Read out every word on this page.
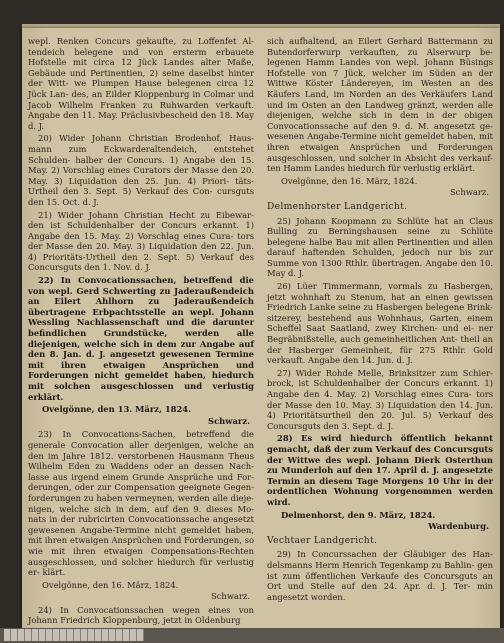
wepl. Renken Concurs gekaufte, zu Loffenfet Al- tendeich belegene und von ersterm erbauete Hofstelle mit circa 12 Jück Landes alter Maße, Gebäude und Pertinentien, 2) seine daselbst hinter der Witt- we Plumpen Hause belegenen circa 12 Jück Lan- des, an Eilder Kloppenburg in Colmar und Jacob Wilhelm Franken zu Ruhwarden verkauft. Angabe den 11. May. Präclusivbescheid den 18. May d. J.

20) Wider Johann Christian Brodenhof, Haus- mann zum Eckwarderaltendeich, entstehet Schulden- halber der Concurs. 1) Angabe den 15. May. 2) Vorschlag eines Curators der Masse den 20. May. 3) Liquidation den 25. Jun. 4) Priori- täts-Urtheil den 3. Sept. 5) Verkauf des Con- cursguts den 15. Oct. d. J.

21) Wider Johann Christian Hecht zu Eibewar- den ist Schuldenhalber der Concurs erkannt. 1) Angabe den 15. May. 2) Vorschlag eines Cura- tors der Masse den 20. May. 3) Liquidation den 22. Jun. 4) Prioritäts-Urtheil den 2. Sept. 5) Verkauf des Concursguts den 1. Nov. d. J.

22) In Convocationssachen, betreffend die von wepl. Gerd Schwerting zu Jaderaußendeich an Eilert Ahlhorn zu Jaderaußendeich übertragene Erbpachtsstelle an wepl. Johann Wessling Nachlassenschaft und die darunter befindlichen Grundstücke, werden alle diejenigen, welche sich in dem zur Angabe auf den 8. Jan. d. J. angesetzt gewesenen Termine mit ihren etwaigen Ansprüchen und Forderungen nicht gemeldet haben, hiedurch mit solchen ausgeschlossen und verlustig erklärt.

Ovelgönne, den 13. März, 1824.

Schwarz.

23) In Convocations-Sachen, betreffend die generale Convocation aller derjenigen, welche an den im Jahre 1812. verstorbenen Hausmann Theus Wilhelm Eden zu Waddens oder an dessen Nach- lasse aus irgend einem Grunde Ansprüche und For- derungen, oder zur Compensation geeignete Gegen- forderungen zu haben vermeynen, werden alle dieje- nigen, welche sich in dem, auf den 9. dieses Mo- nats in der rubricirten Convocationssache angesetzt gewesenen Angabe-Termine nicht gemeldet haben, mit ihren etwaigen Ansprüchen und Forderungen, so wie mit ihren etwaigen Compensations-Rechten ausgeschlossen, und solcher hiedurch für verlustig er- klärt.

Ovelgönne, den 16. März, 1824.

Schwarz.

24) In Convocationssachen wegen eines von Johann Friedrich Kloppenburg, jetzt in Oldenburg

sich aufhaltend, an Eilert Gerhard Battermann zu Butendorferwurp verkauften, zu Alserwurp be- legenen Hamm Landes von wepl. Johann Büsings Hofstelle von 7 Jück, welcher im Süden an der Wittwe Köster Ländereyen, im Westen an des Käufers Land, im Norden an des Verkäufers Land und im Osten an den Landweg gränzt, werden alle diejenigen, welche sich in dem in der obigen Convocationssache auf den 9. d. M. angesetzt ge- wesenen Angabe-Termine nicht gemeldet haben, mit ihren etwaigen Ansprüchen und Forderungen ausgeschlossen, und solcher in Absicht des verkauf- ten Hamm Landes hiedurch für verlustig erklärt.

Ovelgönne, den 16. März, 1824.

Schwarz.

Delmenhorster Landgericht.

25) Johann Koopmann zu Schlüte hat an Claus Bulling zu Berningshausen seine zu Schlüte belegene halbe Bau mit allen Pertinentien und allen darauf haftenden Schulden, jedoch nur bis zur Summe von 1300 Rthlr. übertragen. Angabe den 10. May d. J.

26) Lüer Timmermann, vormals zu Hasbergen, jetzt wohnhaft zu Stenum, hat an einen gewissen Friedrich Lanke seine zu Hasbergen belegene Brink- sitzerey, bestehend aus Wohnhaus, Garten, einem Scheffel Saat Saatland, zwey Kirchen- und ei- ner Begräbnißstelle, auch gemeinheitlichen Ant- theil an der Hasberger Gemeinheit, für 275 Rthlr. Gold verkauft. Angabe den 14. Jun. d. J.

27) Wider Rohde Melle, Brinksitzer zum Schier- brock, ist Schuldenhalber der Concurs erkannt. 1) Angabe den 4. May. 2) Vorschlag eines Cura- tors der Masse den 10. May. 3) Liquidation den 14. Jun. 4) Prioritätsurtheil den 20. Jul. 5) Verkauf des Concursguts den 3. Sept. d. J.

28) Es wird hiedurch öffentlich bekannt gemacht, daß der zum Verkauf des Concursguts der Wittwe des wepl. Johann Dierk Osterthun zu Munderloh auf den 17. April d. J. angesetzte Termin an diesem Tage Morgens 10 Uhr in der ordentlichen Wohnung vorgenommen werden wird.

Delmenhorst, den 9. März, 1824.

Wardenburg.

Vechtaer Landgericht.

29) In Concurssachen der Gläubiger des Han- delsmanns Herm Henrich Tegenkamp zu Bahlin- gen ist zum öffentlichen Verkaufe des Concursguts an Ort und Stelle auf den 24. Apr. d. J. Ter- min angesetzt worden.
